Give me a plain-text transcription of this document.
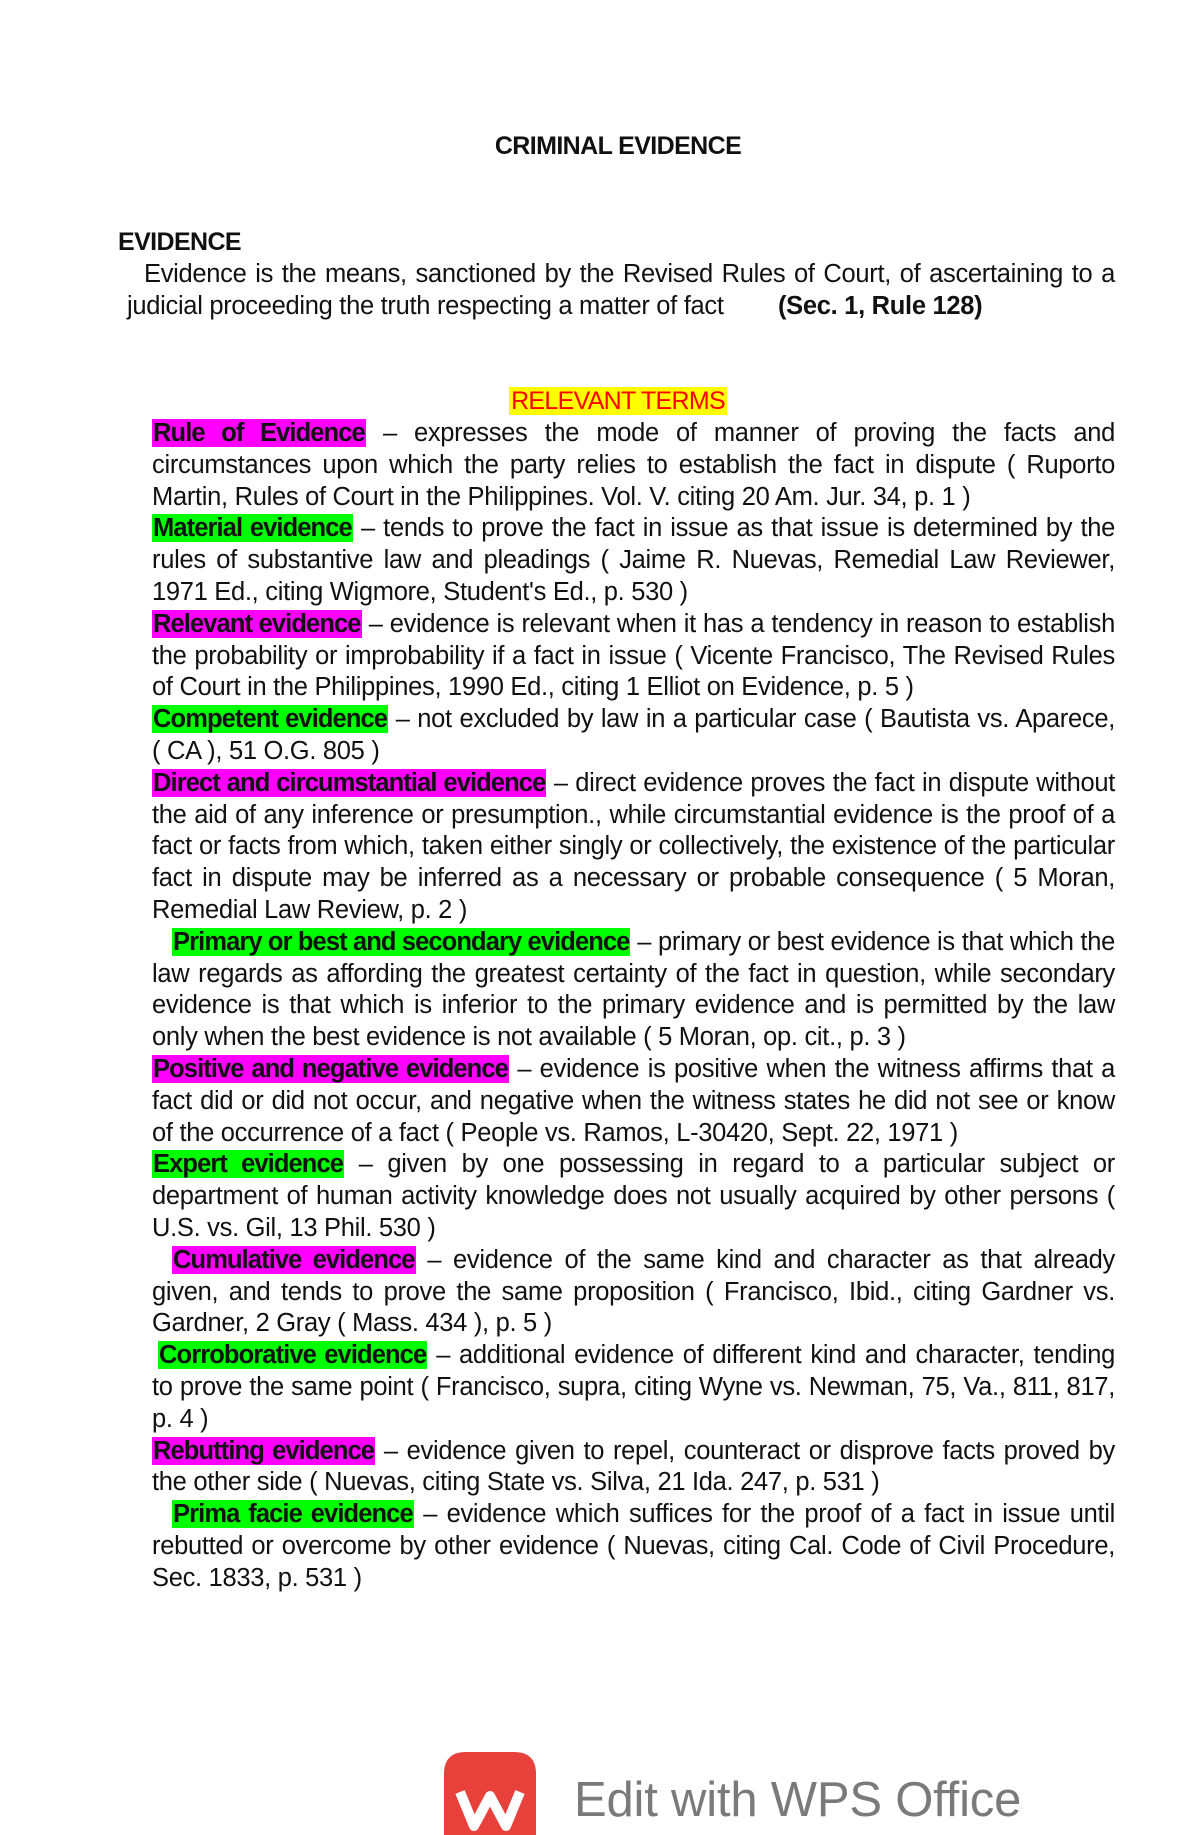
CRIMINAL EVIDENCE
EVIDENCE
Evidence is the means, sanctioned by the Revised Rules of Court, of ascertaining to a judicial proceeding the truth respecting a matter of fact (Sec. 1, Rule 128)
RELEVANT TERMS

Rule of Evidence – expresses the mode of manner of proving the facts and circumstances upon which the party relies to establish the fact in dispute ( Ruporto Martin, Rules of Court in the Philippines. Vol. V. citing 20 Am. Jur. 34, p. 1 )

Material evidence – tends to prove the fact in issue as that issue is determined by the rules of substantive law and pleadings ( Jaime R. Nuevas, Remedial Law Reviewer, 1971 Ed., citing Wigmore, Student's Ed., p. 530 )

Relevant evidence – evidence is relevant when it has a tendency in reason to establish the probability or improbability if a fact in issue ( Vicente Francisco, The Revised Rules of Court in the Philippines, 1990 Ed., citing 1 Elliot on Evidence, p. 5 )

Competent evidence – not excluded by law in a particular case ( Bautista vs. Aparece, ( CA ), 51 O.G. 805 )

Direct and circumstantial evidence – direct evidence proves the fact in dispute without the aid of any inference or presumption., while circumstantial evidence is the proof of a fact or facts from which, taken either singly or collectively, the existence of the particular fact in dispute may be inferred as a necessary or probable consequence ( 5 Moran, Remedial Law Review, p. 2 )

Primary or best and secondary evidence – primary or best evidence is that which the law regards as affording the greatest certainty of the fact in question, while secondary evidence is that which is inferior to the primary evidence and is permitted by the law only when the best evidence is not available ( 5 Moran, op. cit., p. 3 )

Positive and negative evidence – evidence is positive when the witness affirms that a fact did or did not occur, and negative when the witness states he did not see or know of the occurrence of a fact ( People vs. Ramos, L-30420, Sept. 22, 1971 )

Expert evidence – given by one possessing in regard to a particular subject or department of human activity knowledge does not usually acquired by other persons ( U.S. vs. Gil, 13 Phil. 530 )

Cumulative evidence – evidence of the same kind and character as that already given, and tends to prove the same proposition ( Francisco, Ibid., citing Gardner vs. Gardner, 2 Gray ( Mass. 434 ), p. 5 )

Corroborative evidence – additional evidence of different kind and character, tending to prove the same point ( Francisco, supra, citing Wyne vs. Newman, 75, Va., 811, 817, p. 4 )

Rebutting evidence – evidence given to repel, counteract or disprove facts proved by the other side ( Nuevas, citing State vs. Silva, 21 Ida. 247, p. 531 )

Prima facie evidence – evidence which suffices for the proof of a fact in issue until rebutted or overcome by other evidence ( Nuevas, citing Cal. Code of Civil Procedure, Sec. 1833, p. 531 )

Edit with WPS Office
